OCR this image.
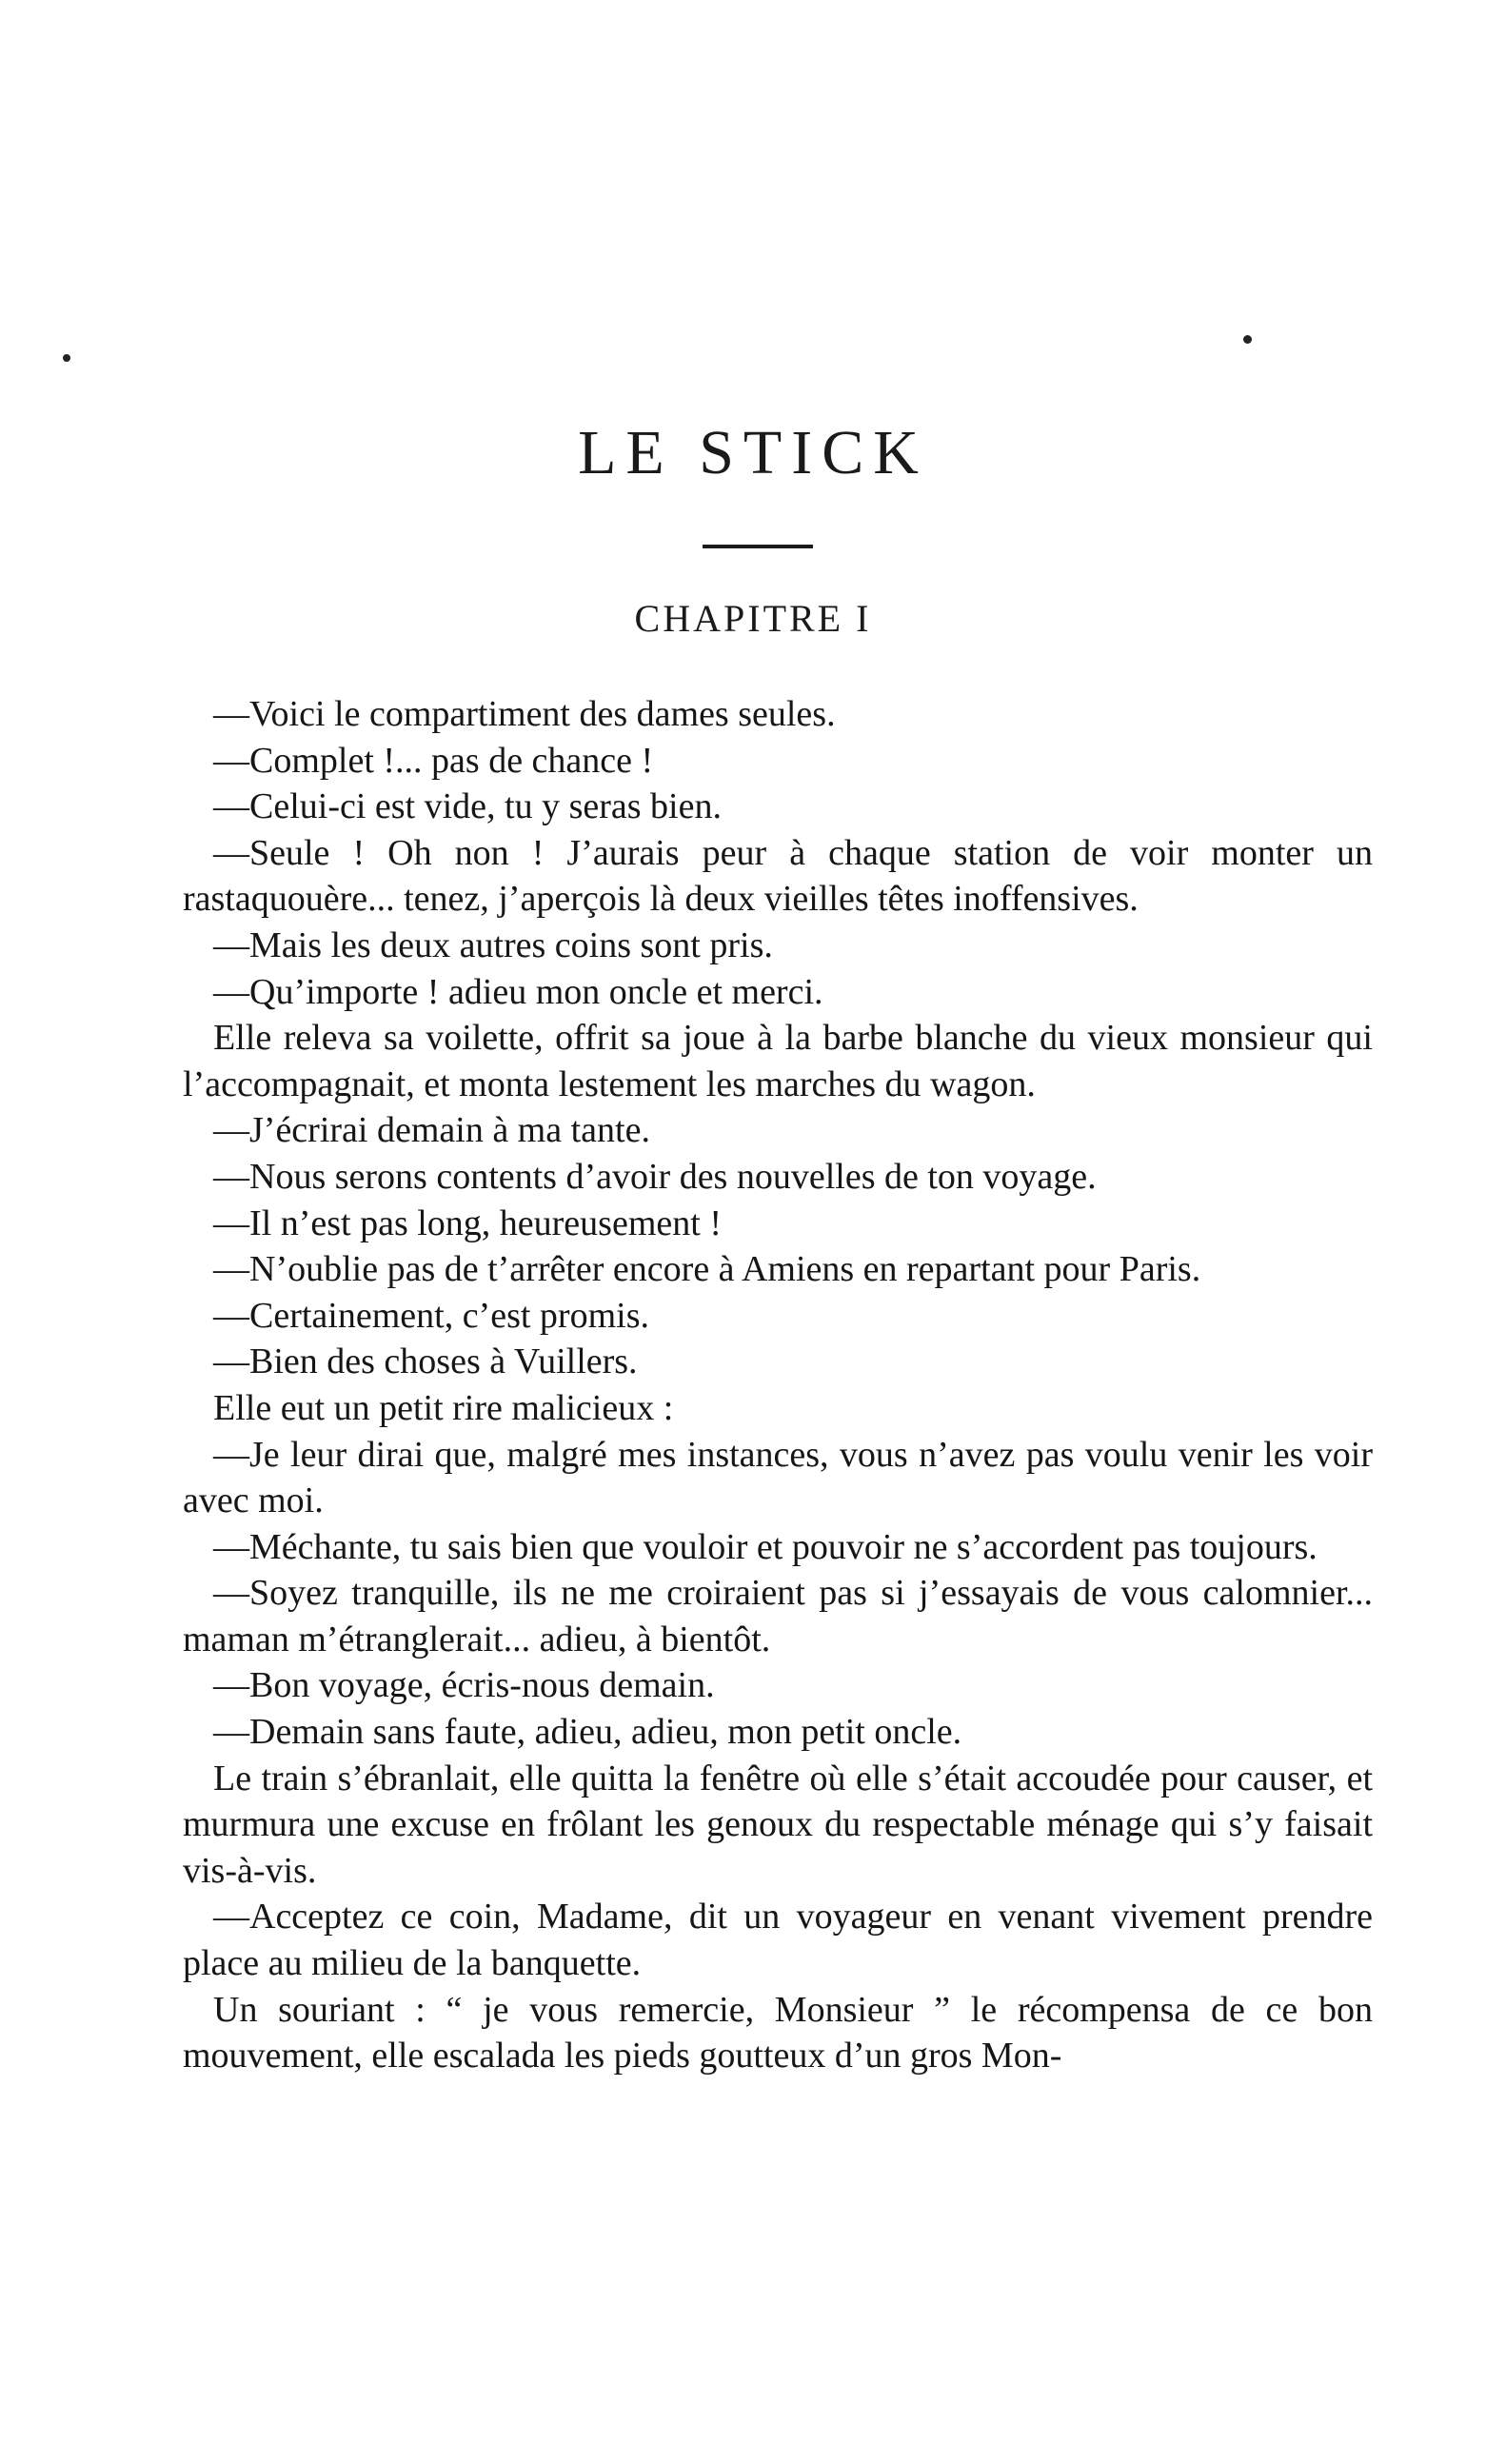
LE STICK
CHAPITRE I

—Voici le compartiment des dames seules.

—Complet !... pas de chance !

—Celui-ci est vide, tu y seras bien.

—Seule ! Oh non ! J’aurais peur à chaque station de voir monter un rastaquouère... tenez, j’aperçois là deux vieilles têtes inoffensives.

—Mais les deux autres coins sont pris.

—Qu’importe ! adieu mon oncle et merci.

Elle releva sa voilette, offrit sa joue à la barbe blanche du vieux monsieur qui l’accompagnait, et monta lestement les marches du wagon.

—J’écrirai demain à ma tante.

—Nous serons contents d’avoir des nouvelles de ton voyage.

—Il n’est pas long, heureusement !

—N’oublie pas de t’arrêter encore à Amiens en repartant pour Paris.

—Certainement, c’est promis.

—Bien des choses à Vuillers.

Elle eut un petit rire malicieux :

—Je leur dirai que, malgré mes instances, vous n’avez pas voulu venir les voir avec moi.

—Méchante, tu sais bien que vouloir et pouvoir ne s’accordent pas toujours.

—Soyez tranquille, ils ne me croiraient pas si j’essayais de vous calomnier... maman m’étranglerait... adieu, à bientôt.

—Bon voyage, écris-nous demain.

—Demain sans faute, adieu, adieu, mon petit oncle.

Le train s’ébranlait, elle quitta la fenêtre où elle s’était accoudée pour causer, et murmura une excuse en frôlant les genoux du respectable ménage qui s’y faisait vis-à-vis.

—Acceptez ce coin, Madame, dit un voyageur en venant vivement prendre place au milieu de la banquette.

Un souriant : “ je vous remercie, Monsieur ” le récompensa de ce bon mouvement, elle escalada les pieds goutteux d’un gros Mon-
